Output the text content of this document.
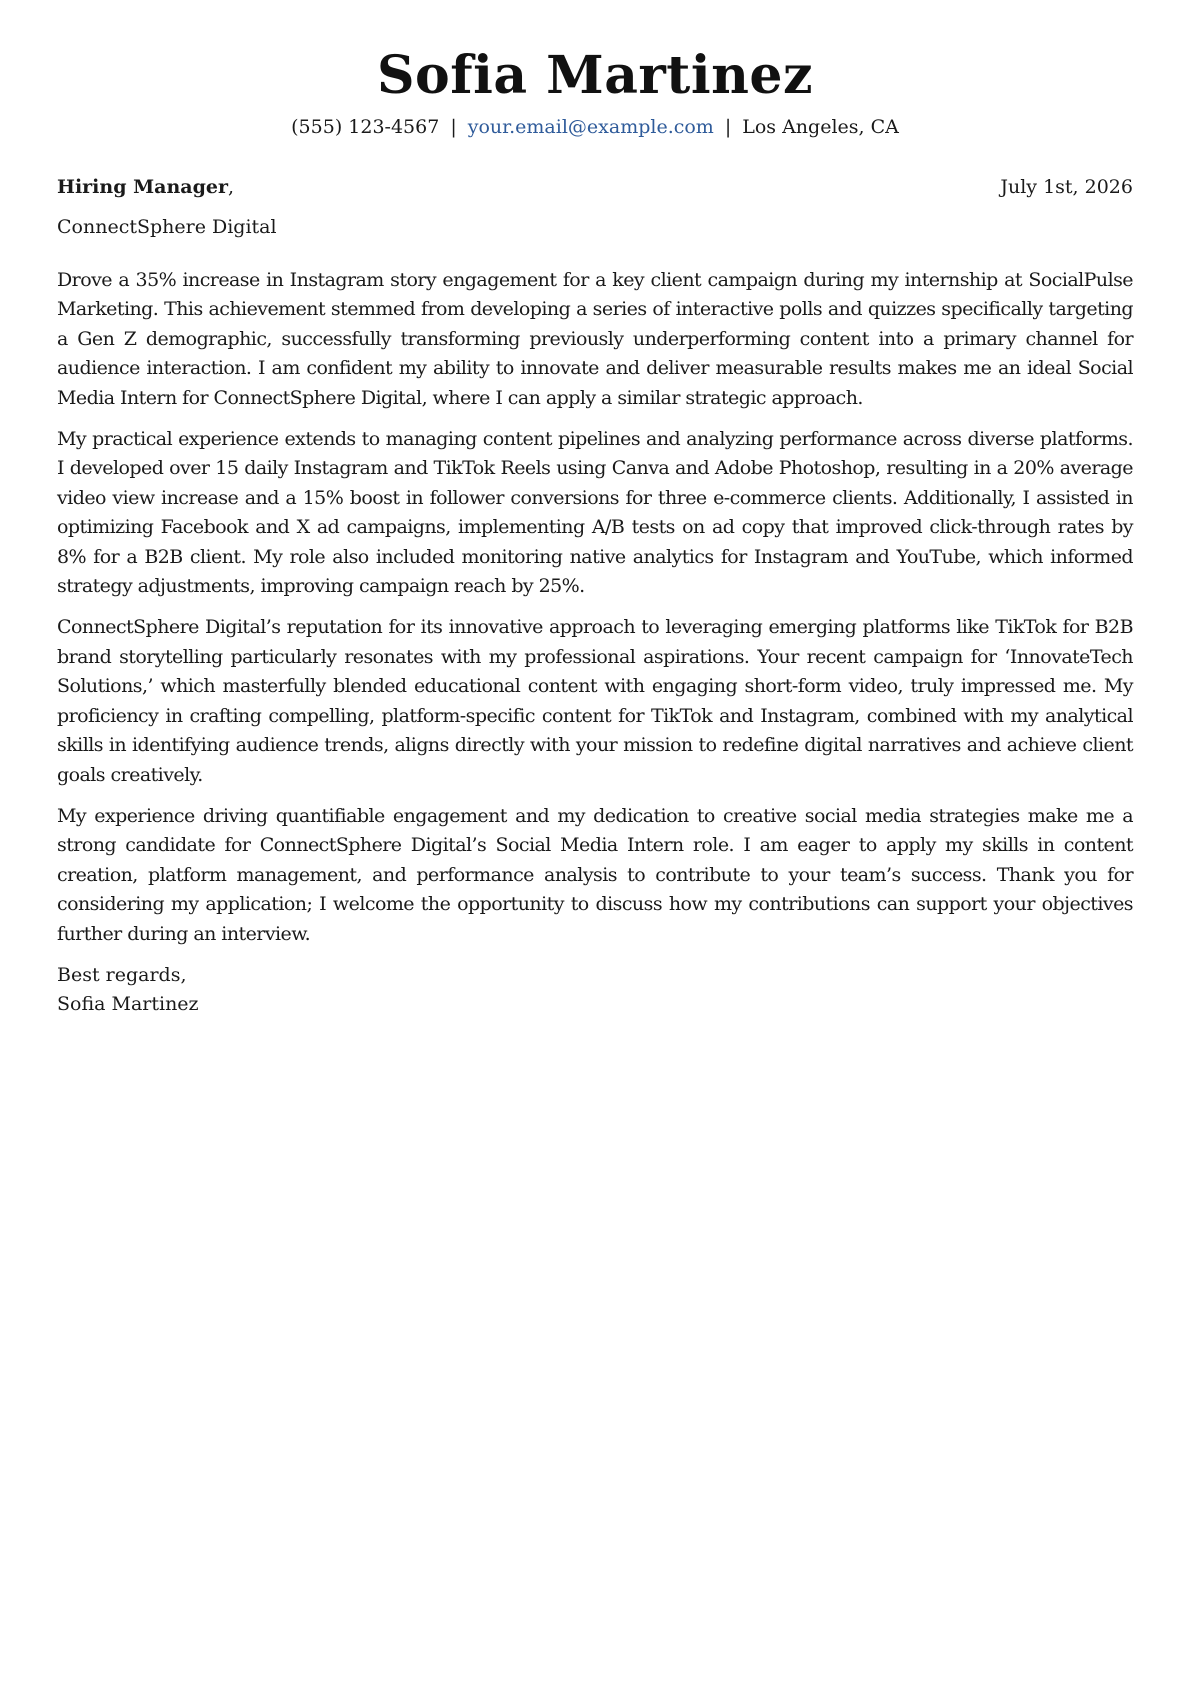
Sofia Martinez
(555) 123-4567 | your.email@example.com | Los Angeles, CA
Hiring Manager,	July 1st, 2026
ConnectSphere Digital

Drove a 35% increase in Instagram story engagement for a key client campaign during my internship at SocialPulse Marketing. This achievement stemmed from developing a series of interactive polls and quizzes specifically targeting a Gen Z demographic, successfully transforming previously underperforming content into a primary channel for audience interaction. I am confident my ability to innovate and deliver measurable results makes me an ideal Social Media Intern for ConnectSphere Digital, where I can apply a similar strategic approach.

My practical experience extends to managing content pipelines and analyzing performance across diverse platforms. I developed over 15 daily Instagram and TikTok Reels using Canva and Adobe Photoshop, resulting in a 20% average video view increase and a 15% boost in follower conversions for three e-commerce clients. Additionally, I assisted in optimizing Facebook and X ad campaigns, implementing A/B tests on ad copy that improved click-through rates by 8% for a B2B client. My role also included monitoring native analytics for Instagram and YouTube, which informed strategy adjustments, improving campaign reach by 25%.

ConnectSphere Digital’s reputation for its innovative approach to leveraging emerging platforms like TikTok for B2B brand storytelling particularly resonates with my professional aspirations. Your recent campaign for ‘InnovateTech Solutions,’ which masterfully blended educational content with engaging short-form video, truly impressed me. My proficiency in crafting compelling, platform-specific content for TikTok and Instagram, combined with my analytical skills in identifying audience trends, aligns directly with your mission to redefine digital narratives and achieve client goals creatively.

My experience driving quantifiable engagement and my dedication to creative social media strategies make me a strong candidate for ConnectSphere Digital’s Social Media Intern role. I am eager to apply my skills in content creation, platform management, and performance analysis to contribute to your team’s success. Thank you for considering my application; I welcome the opportunity to discuss how my contributions can support your objectives further during an interview.

Best regards,
Sofia Martinez
